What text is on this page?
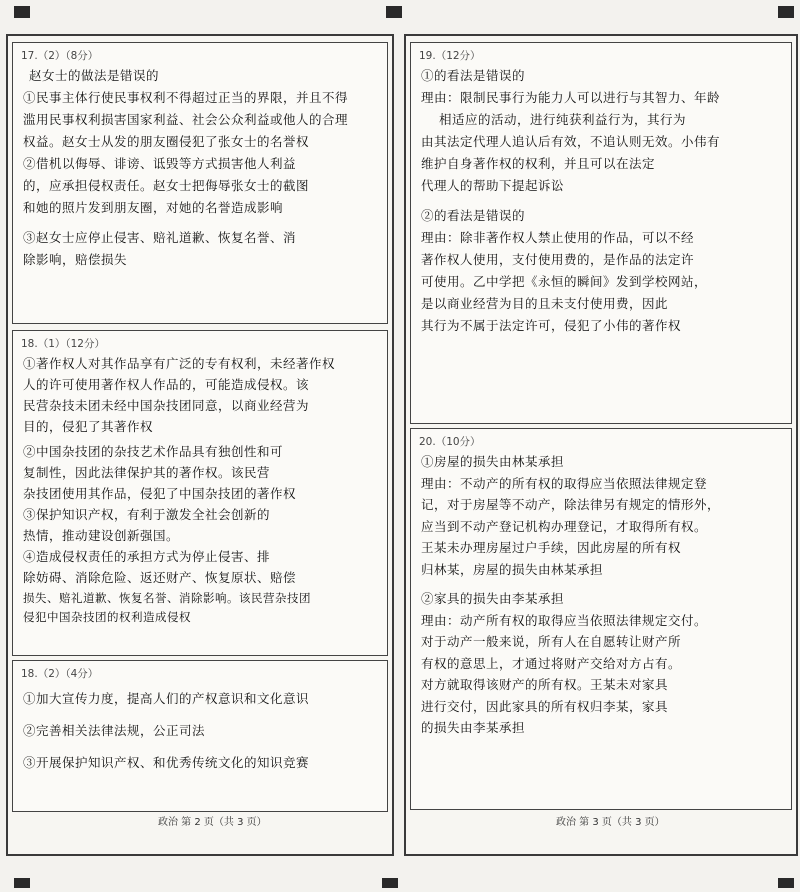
17.（2）（8分）
赵女士的做法是错误的
①民事主体行使民事权利不得超过正当的界限，并且不得
滥用民事权利损害国家利益、社会公众利益或他人的合理
权益。赵女士从发的朋友圈侵犯了张女士的名誉权
②借机以侮辱、诽谤、诋毁等方式损害他人利益
的，应承担侵权责任。赵女士把侮辱张女士的截图
和她的照片发到朋友圈，对她的名誉造成影响
③赵女士应停止侵害、赔礼道歉、恢复名誉、消
除影响，赔偿损失
18.（1）（12分）
①著作权人对其作品享有广泛的专有权利，未经著作权
人的许可使用著作权人作品的，可能造成侵权。该
民营杂技未团未经中国杂技团同意，以商业经营为
目的，侵犯了其著作权
②中国杂技团的杂技艺术作品具有独创性和可
复制性，因此法律保护其的著作权。该民营
杂技团使用其作品，侵犯了中国杂技团的著作权
③保护知识产权，有利于激发全社会创新的
热情，推动建设创新强国。
④造成侵权责任的承担方式为停止侵害、排
除妨碍、消除危险、返还财产、恢复原状、赔偿
损失、赔礼道歉、恢复名誉、消除影响。该民营杂技团
侵犯中国杂技团的权利造成侵权
18.（2）（4分）
①加大宣传力度，提高人们的产权意识和文化意识
②完善相关法律法规，公正司法
③开展保护知识产权、和优秀传统文化的知识竞赛
政治 第 2 页（共 3 页）
19.（12分）
①的看法是错误的
理由：限制民事行为能力人可以进行与其智力、年龄
相适应的活动，进行纯获利益行为，其行为
由其法定代理人追认后有效，不追认则无效。小伟有
维护自身著作权的权利，并且可以在法定
代理人的帮助下提起诉讼
②的看法是错误的
理由：除非著作权人禁止使用的作品，可以不经
著作权人使用，支付使用费的，是作品的法定许
可使用。乙中学把《永恒的瞬间》发到学校网站，
是以商业经营为目的且未支付使用费，因此
其行为不属于法定许可，侵犯了小伟的著作权
20.（10分）
①房屋的损失由林某承担
理由：不动产的所有权的取得应当依照法律规定登
记，对于房屋等不动产，除法律另有规定的情形外，
应当到不动产登记机构办理登记，才取得所有权。
王某未办理房屋过户手续，因此房屋的所有权
归林某，房屋的损失由林某承担
②家具的损失由李某承担
理由：动产所有权的取得应当依照法律规定交付。
对于动产一般来说，所有人在自愿转让财产所
有权的意思上，才通过将财产交给对方占有。
对方就取得该财产的所有权。王某未对家具
进行交付，因此家具的所有权归李某，家具
的损失由李某承担
政治 第 3 页（共 3 页）
